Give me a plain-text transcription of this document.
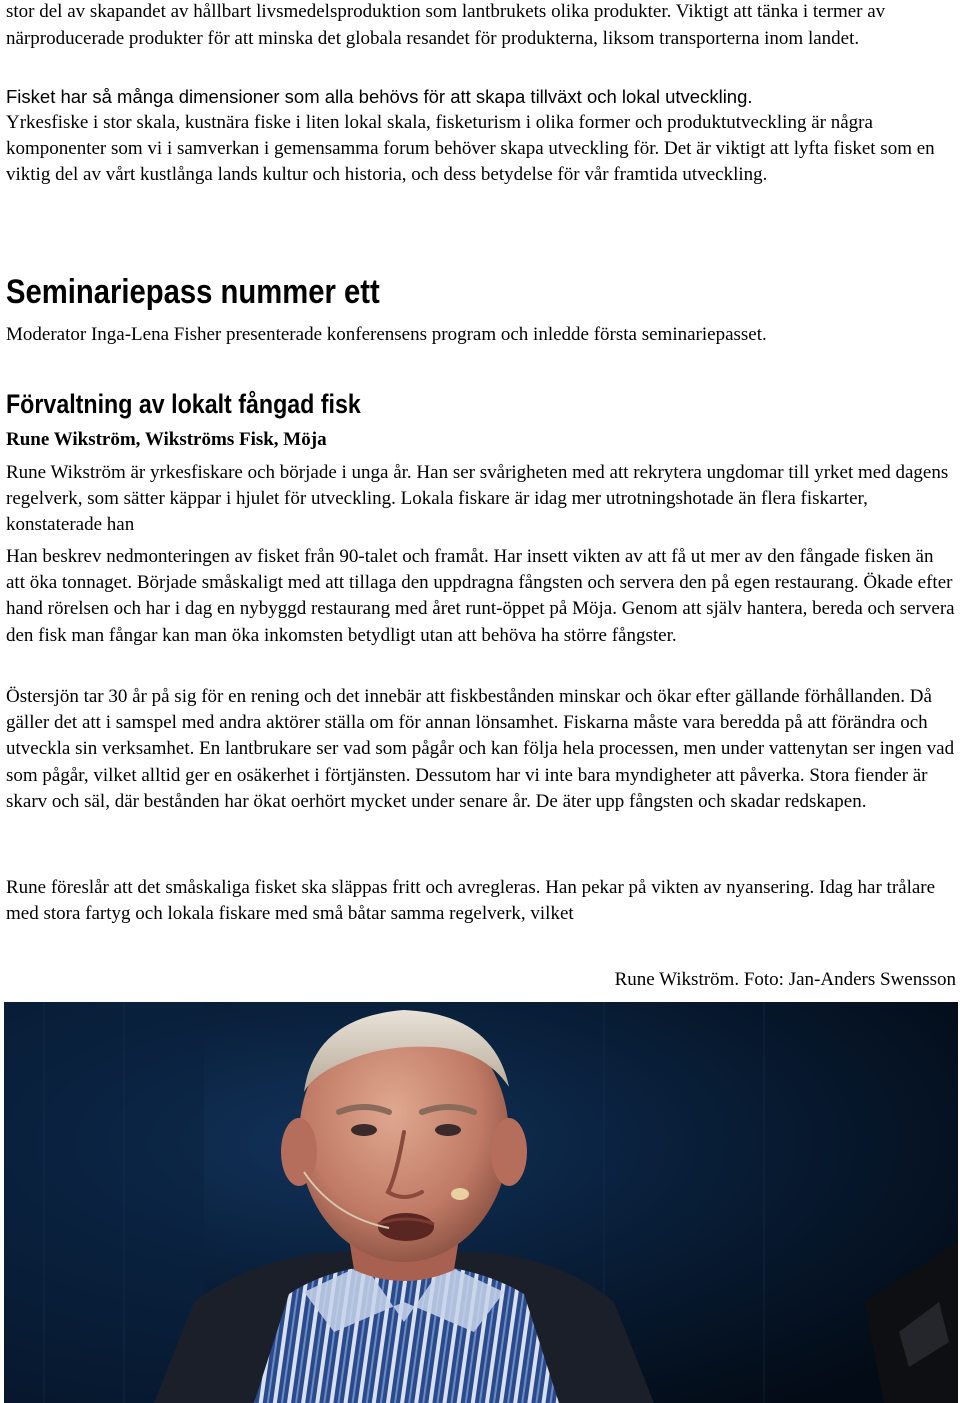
stor del av skapandet av hållbart livsmedelsproduktion som lantbrukets olika produkter. Viktigt att tänka i termer av närproducerade produkter för att minska det globala resandet för produkterna, liksom transporterna inom landet.

Fisket har så många dimensioner som alla behövs för att skapa tillväxt och lokal utveckling.

Yrkesfiske i stor skala, kustnära fiske i liten lokal skala, fisketurism i olika former och produktutveckling är några komponenter som vi i samverkan i gemensamma forum behöver skapa utveckling för. Det är viktigt att lyfta fisket som en viktig del av vårt kustlånga lands kultur och historia, och dess betydelse för vår framtida utveckling.

Seminariepass nummer ett

Moderator Inga-Lena Fisher presenterade konferensens program och inledde första seminariepasset.

Förvaltning av lokalt fångad fisk

Rune Wikström, Wikströms Fisk, Möja

Rune Wikström är yrkesfiskare och började i unga år. Han ser svårigheten med att rekrytera ungdomar till yrket med dagens regelverk, som sätter käppar i hjulet för utveckling. Lokala fiskare är idag mer utrotningshotade än flera fiskarter, konstaterade han

Han beskrev nedmonteringen av fisket från 90-talet och framåt. Har insett vikten av att få ut mer av den fångade fisken än att öka tonnaget. Började småskaligt med att tillaga den uppdragna fångsten och servera den på egen restaurang. Ökade efter hand rörelsen och har i dag en nybyggd restaurang med året runt-öppet på Möja. Genom att själv hantera, bereda och servera den fisk man fångar kan man öka inkomsten betydligt utan att behöva ha större fångster.

Östersjön tar 30 år på sig för en rening och det innebär att fiskbestånden minskar och ökar efter gällande förhållanden. Då gäller det att i samspel med andra aktörer ställa om för annan lönsamhet. Fiskarna måste vara beredda på att förändra och utveckla sin verksamhet. En lantbrukare ser vad som pågår och kan följa hela processen, men under vattenytan ser ingen vad som pågår, vilket alltid ger en osäkerhet i förtjänsten. Dessutom har vi inte bara myndigheter att påverka. Stora fiender är skarv och säl, där bestånden har ökat oerhört mycket under senare år. De äter upp fångsten och skadar redskapen.

Rune föreslår att det småskaliga fisket ska släppas fritt och avregleras. Han pekar på vikten av nyansering. Idag har trålare med stora fartyg och lokala fiskare med små båtar samma regelverk, vilket

Rune Wikström. Foto: Jan-Anders Swensson
